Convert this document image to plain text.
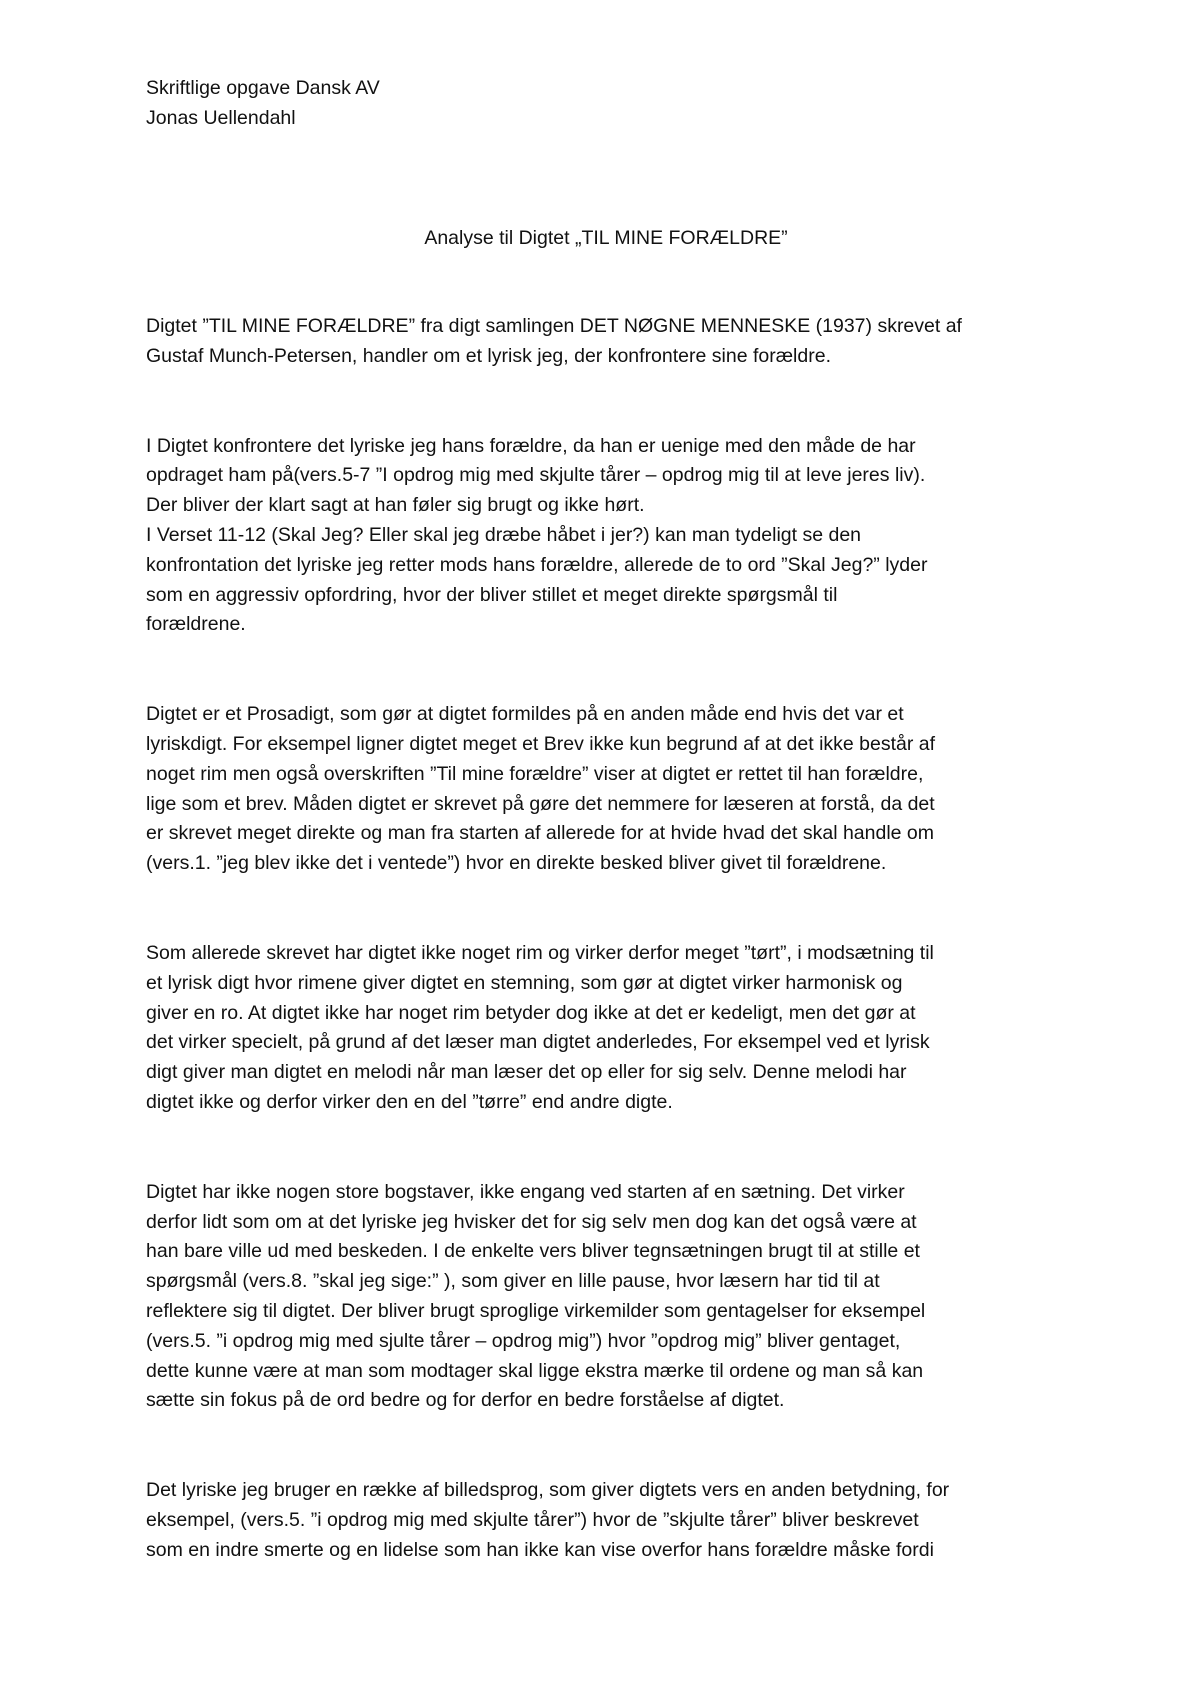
Skriftlige opgave Dansk AV
Jonas Uellendahl
Analyse til Digtet „TIL MINE FORÆLDRE”

Digtet ”TIL MINE FORÆLDRE” fra digt samlingen DET NØGNE MENNESKE (1937) skrevet af
Gustaf Munch-Petersen, handler om et lyrisk jeg, der konfrontere sine forældre.

I Digtet konfrontere det lyriske jeg hans forældre, da han er uenige med den måde de har
opdraget ham på(vers.5-7 ”I opdrog mig med skjulte tårer – opdrog mig til at leve jeres liv).
Der bliver der klart sagt at han føler sig brugt og ikke hørt.
I Verset 11-12 (Skal Jeg? Eller skal jeg dræbe håbet i jer?) kan man tydeligt se den
konfrontation det lyriske jeg retter mods hans forældre, allerede de to ord ”Skal Jeg?” lyder
som en aggressiv opfordring, hvor der bliver stillet et meget direkte spørgsmål til
forældrene.

Digtet er et Prosadigt, som gør at digtet formildes på en anden måde end hvis det var et
lyriskdigt. For eksempel ligner digtet meget et Brev ikke kun begrund af at det ikke består af
noget rim men også overskriften ”Til mine forældre” viser at digtet er rettet til han forældre,
lige som et brev. Måden digtet er skrevet på gøre det nemmere for læseren at forstå, da det
er skrevet meget direkte og man fra starten af allerede for at hvide hvad det skal handle om
(vers.1. ”jeg blev ikke det i ventede”) hvor en direkte besked bliver givet til forældrene.

Som allerede skrevet har digtet ikke noget rim og virker derfor meget ”tørt”, i modsætning til
et lyrisk digt hvor rimene giver digtet en stemning, som gør at digtet virker harmonisk og
giver en ro. At digtet ikke har noget rim betyder dog ikke at det er kedeligt, men det gør at
det virker specielt, på grund af det læser man digtet anderledes, For eksempel ved et lyrisk
digt giver man digtet en melodi når man læser det op eller for sig selv. Denne melodi har
digtet ikke og derfor virker den en del ”tørre” end andre digte.

Digtet har ikke nogen store bogstaver, ikke engang ved starten af en sætning. Det virker
derfor lidt som om at det lyriske jeg hvisker det for sig selv men dog kan det også være at
han bare ville ud med beskeden. I de enkelte vers bliver tegnsætningen brugt til at stille et
spørgsmål (vers.8. ”skal jeg sige:” ), som giver en lille pause, hvor læsern har tid til at
reflektere sig til digtet. Der bliver brugt sproglige virkemilder som gentagelser for eksempel
(vers.5. ”i opdrog mig med sjulte tårer – opdrog mig”) hvor ”opdrog mig” bliver gentaget,
dette kunne være at man som modtager skal ligge ekstra mærke til ordene og man så kan
sætte sin fokus på de ord bedre og for derfor en bedre forståelse af digtet.

Det lyriske jeg bruger en række af billedsprog, som giver digtets vers en anden betydning, for
eksempel, (vers.5. ”i opdrog mig med skjulte tårer”) hvor de ”skjulte tårer” bliver beskrevet
som en indre smerte og en lidelse som han ikke kan vise overfor hans forældre måske fordi
